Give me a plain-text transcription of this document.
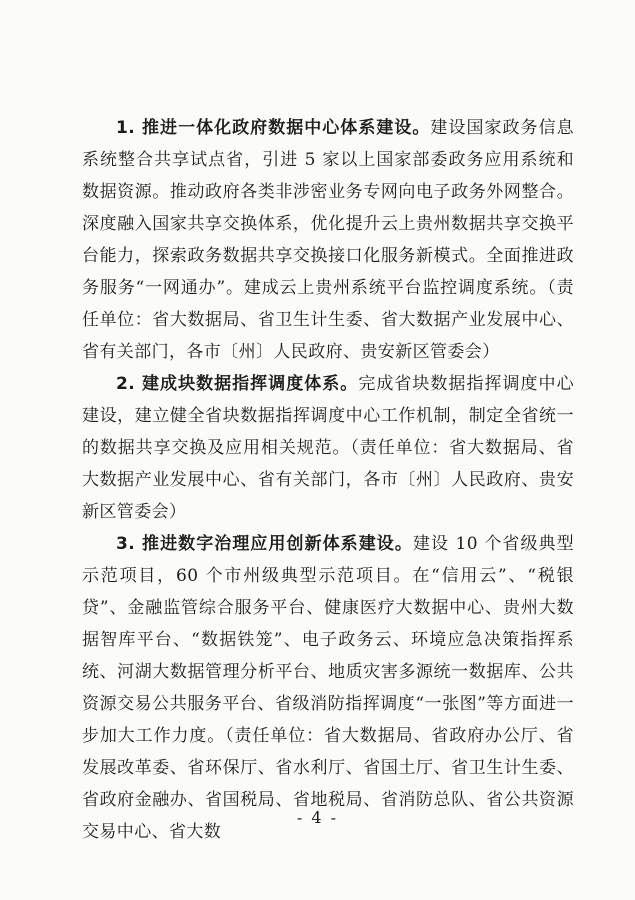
1. 推进一体化政府数据中心体系建设。建设国家政务信息系统整合共享试点省，引进 5 家以上国家部委政务应用系统和数据资源。推动政府各类非涉密业务专网向电子政务外网整合。深度融入国家共享交换体系，优化提升云上贵州数据共享交换平台能力，探索政务数据共享交换接口化服务新模式。全面推进政务服务“一网通办”。建成云上贵州系统平台监控调度系统。（责任单位：省大数据局、省卫生计生委、省大数据产业发展中心、省有关部门，各市〔州〕人民政府、贵安新区管委会）

2. 建成块数据指挥调度体系。完成省块数据指挥调度中心建设，建立健全省块数据指挥调度中心工作机制，制定全省统一的数据共享交换及应用相关规范。（责任单位：省大数据局、省大数据产业发展中心、省有关部门，各市〔州〕人民政府、贵安新区管委会）

3. 推进数字治理应用创新体系建设。建设 10 个省级典型示范项目，60 个市州级典型示范项目。在“信用云”、“税银贷”、金融监管综合服务平台、健康医疗大数据中心、贵州大数据智库平台、“数据铁笼”、电子政务云、环境应急决策指挥系统、河湖大数据管理分析平台、地质灾害多源统一数据库、公共资源交易公共服务平台、省级消防指挥调度“一张图”等方面进一步加大工作力度。（责任单位：省大数据局、省政府办公厅、省发展改革委、省环保厅、省水利厅、省国土厅、省卫生计生委、省政府金融办、省国税局、省地税局、省消防总队、省公共资源交易中心、省大数

- 4 -
